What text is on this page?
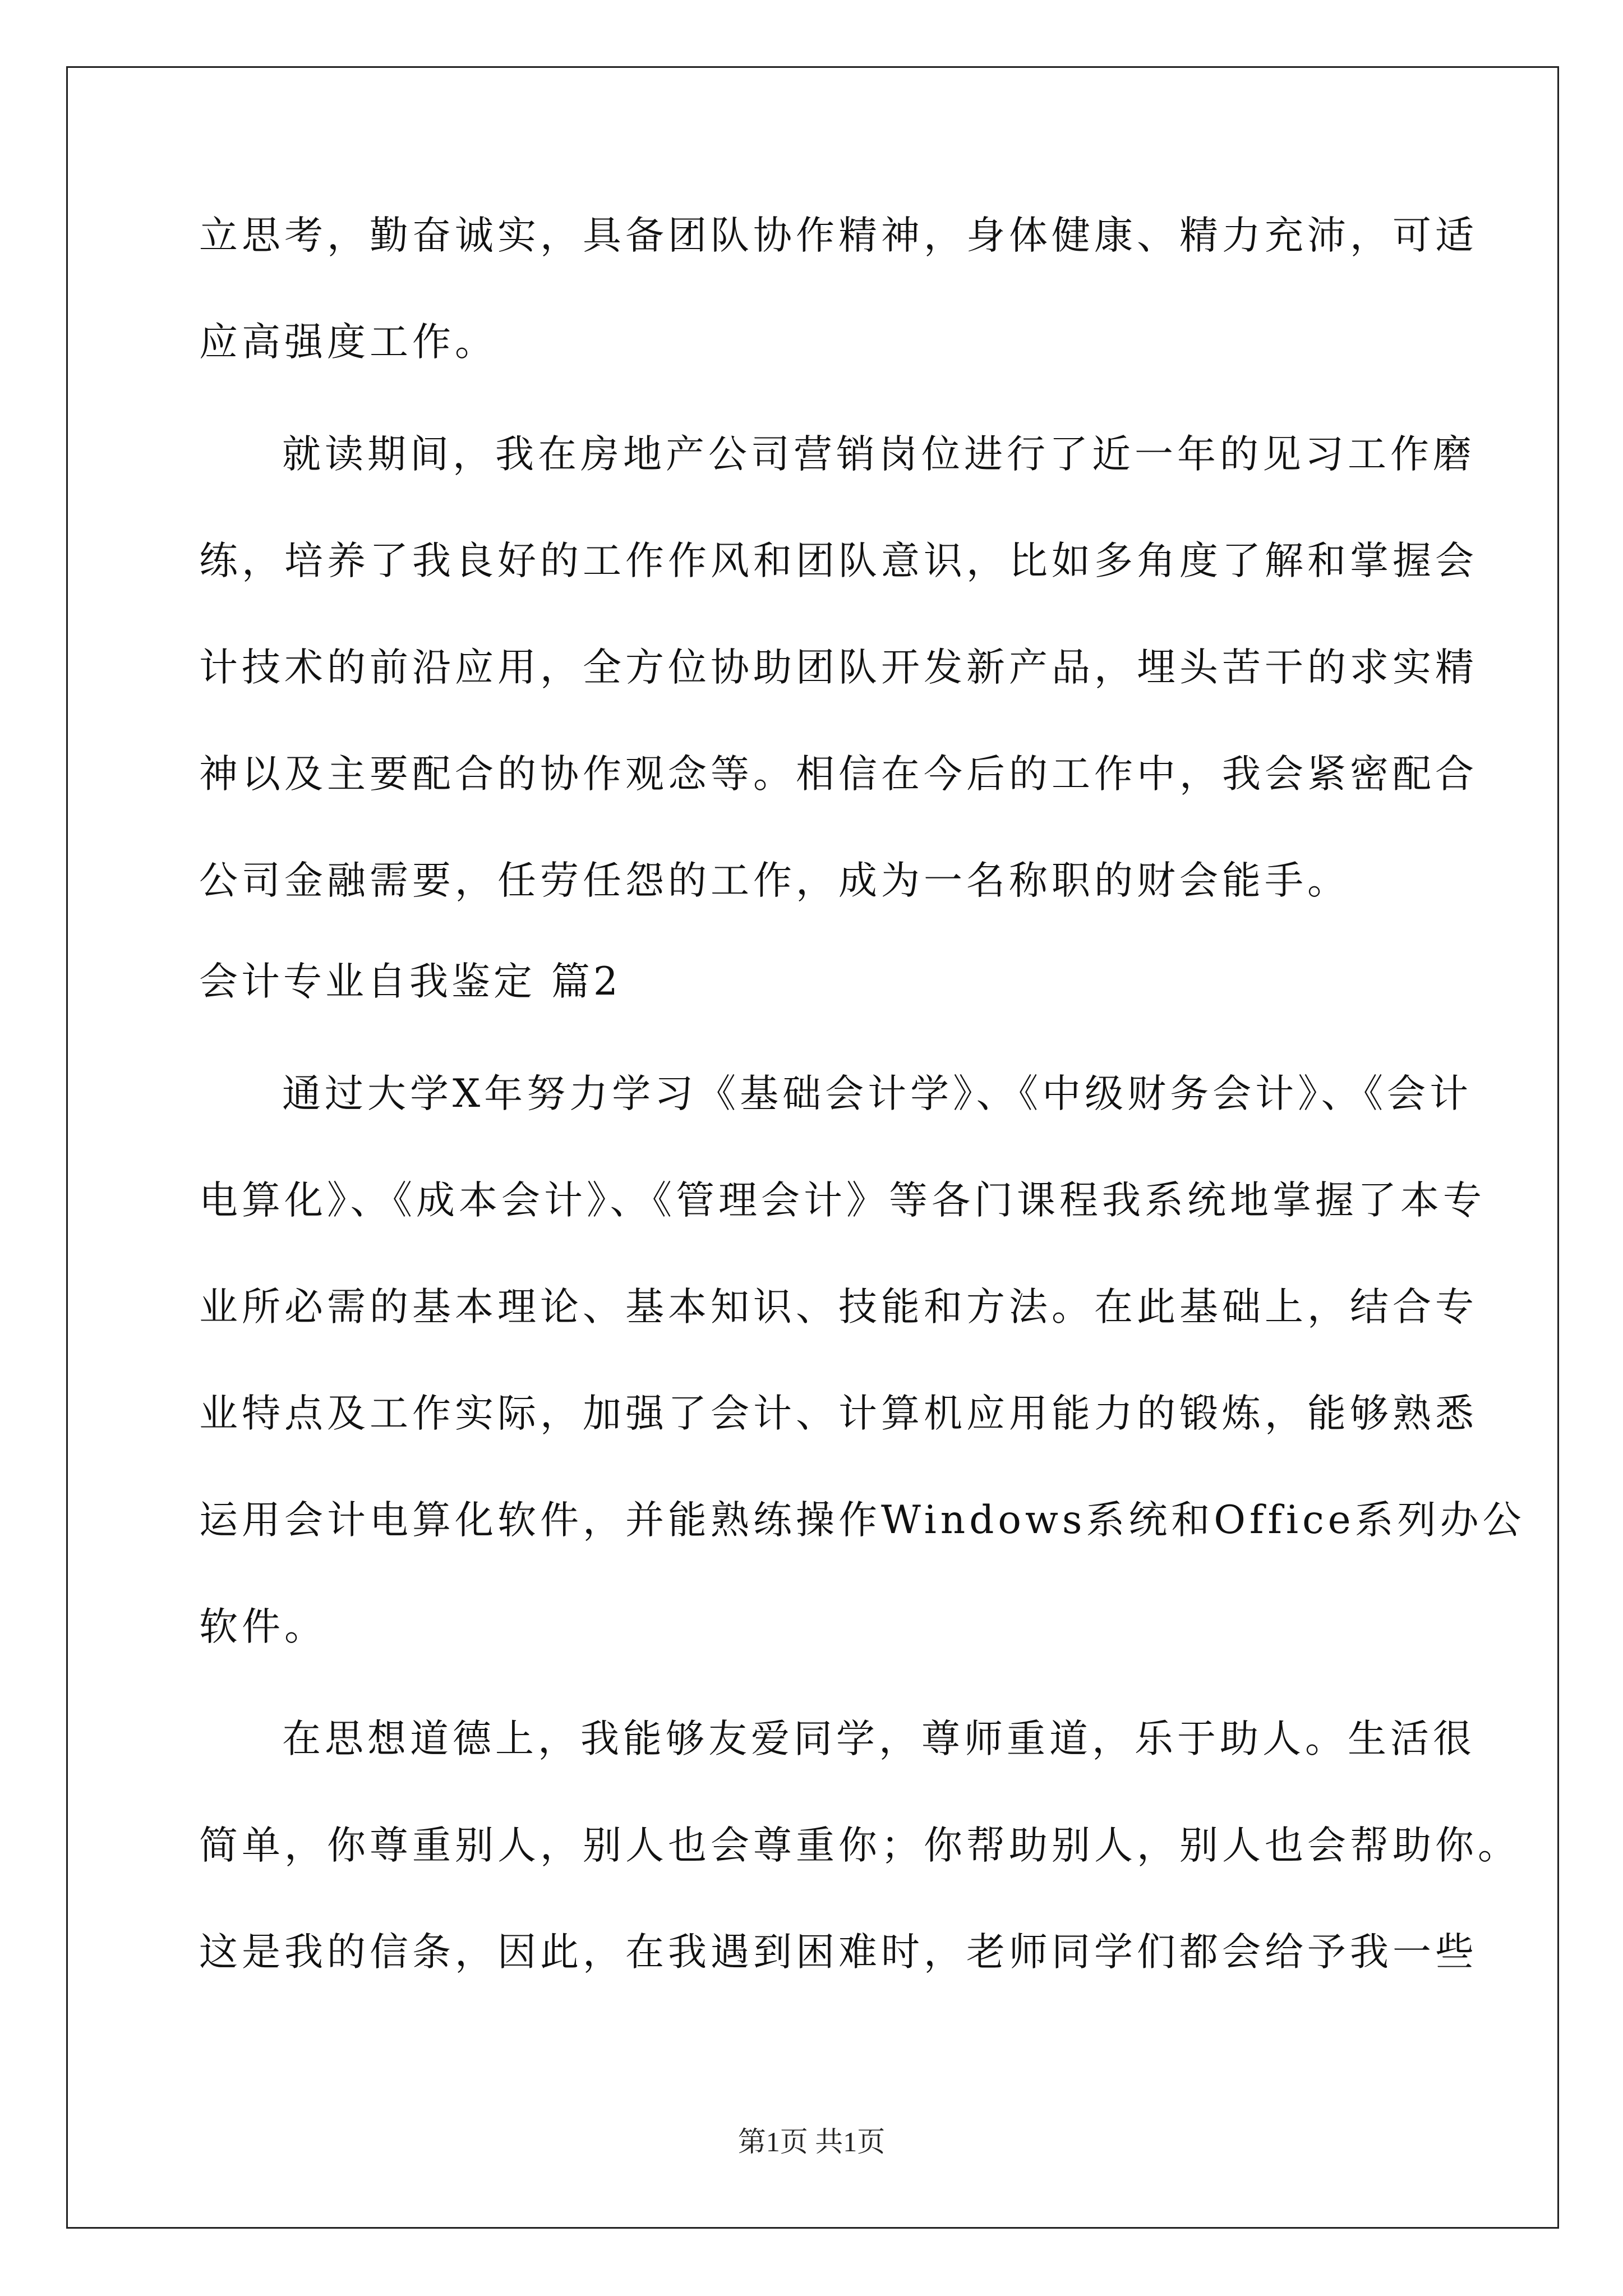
立思考，勤奋诚实，具备团队协作精神，身体健康、精力充沛，可适
应高强度工作。
就读期间，我在房地产公司营销岗位进行了近一年的见习工作磨
练，培养了我良好的工作作风和团队意识，比如多角度了解和掌握会
计技术的前沿应用，全方位协助团队开发新产品，埋头苦干的求实精
神以及主要配合的协作观念等。相信在今后的工作中，我会紧密配合
公司金融需要，任劳任怨的工作，成为一名称职的财会能手。
会计专业自我鉴定 篇2
通过大学X年努力学习《基础会计学》、《中级财务会计》、《会计
电算化》、《成本会计》、《管理会计》等各门课程我系统地掌握了本专
业所必需的基本理论、基本知识、技能和方法。在此基础上，结合专
业特点及工作实际，加强了会计、计算机应用能力的锻炼，能够熟悉
运用会计电算化软件，并能熟练操作Windows系统和Office系列办公
软件。
在思想道德上，我能够友爱同学，尊师重道，乐于助人。生活很
简单，你尊重别人，别人也会尊重你；你帮助别人，别人也会帮助你。
这是我的信条，因此，在我遇到困难时，老师同学们都会给予我一些
第1页 共1页
